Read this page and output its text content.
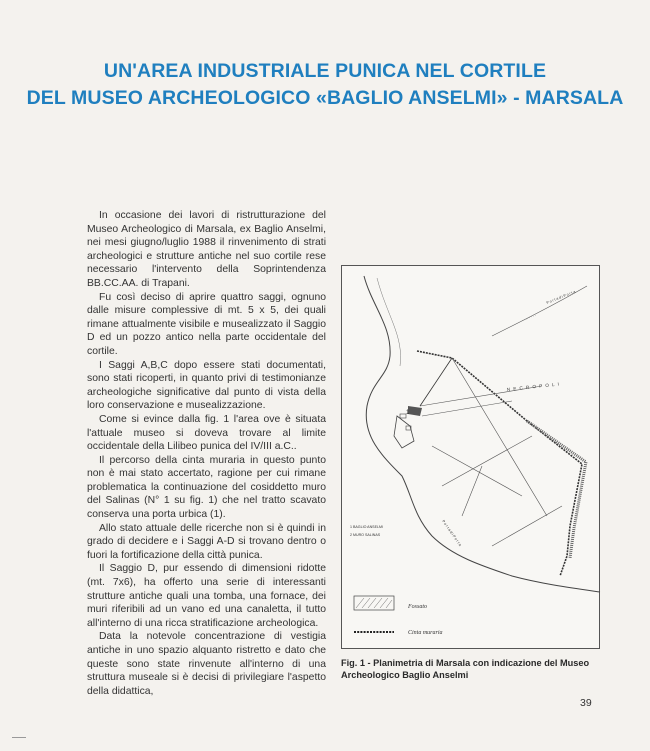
UN'AREA INDUSTRIALE PUNICA NEL CORTILE
DEL MUSEO ARCHEOLOGICO «BAGLIO ANSELMI» - MARSALA

In occasione dei lavori di ristrutturazione del Museo Archeologico di Marsala, ex Baglio Anselmi, nei mesi giugno/luglio 1988 il rinvenimento di strati archeologici e strutture antiche nel suo cortile rese necessario l'intervento della Soprintendenza BB.CC.AA. di Trapani.

Fu così deciso di aprire quattro saggi, ognuno dalle misure complessive di mt. 5 x 5, dei quali rimane attualmente visibile e musealizzato il Saggio D ed un pozzo antico nella parte occidentale del cortile.

I Saggi A,B,C dopo essere stati documentati, sono stati ricoperti, in quanto privi di testimonianze archeologiche significative dal punto di vista della loro conservazione e musealizzazione.

Come si evince dalla fig. 1 l'area ove è situata l'attuale museo si doveva trovare al limite occidentale della Lilibeo punica del IV/III a.C..

Il percorso della cinta muraria in questo punto non è mai stato accertato, ragione per cui rimane problematica la continuazione del cosiddetto muro del Salinas (N° 1 su fig. 1) che nel tratto scavato conserva una porta urbica (1).

Allo stato attuale delle ricerche non si è quindi in grado di decidere e i Saggi A-D si trovano dentro o fuori la fortificazione della città punica.

Il Saggio D, pur essendo di dimensioni ridotte (mt. 7x6), ha offerto una serie di interessanti strutture antiche quali una tomba, una fornace, dei muri riferibili ad un vano ed una canaletta, il tutto all'interno di una ricca stratificazione archeologica.

Data la notevole concentrazione di vestigia antiche in uno spazio alquanto ristretto e dato che queste sono state rinvenute all'interno di una struttura museale si è decisi di privilegiare l'aspetto della didattica,

. . . . . . . .
P o r t a d i P o r t a
N E C R O P O L I
P o r t a d i P o r t a
1
1 BAGLIO ANSELMI
2 MURO SALINAS
Fossato
Cinta muraria
Fig. 1 - Planimetria di Marsala con indicazione del Museo Archeologico Baglio Anselmi
39
